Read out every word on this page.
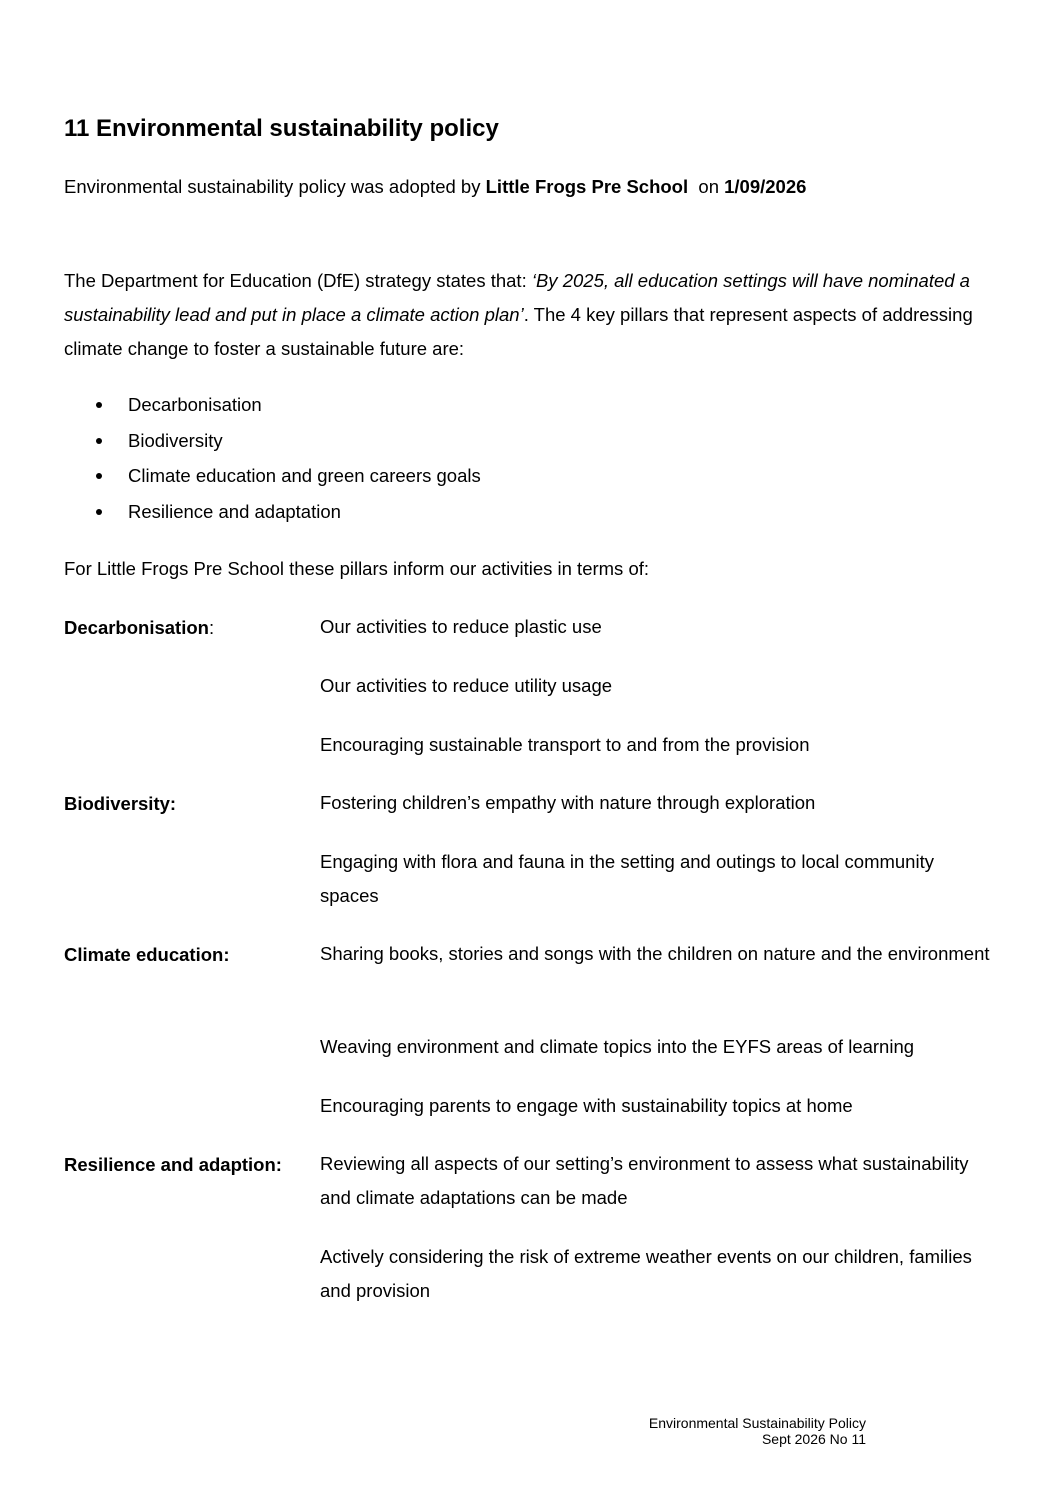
11 Environmental sustainability policy
Environmental sustainability policy was adopted by Little Frogs Pre School  on 1/09/2026

The Department for Education (DfE) strategy states that: ‘By 2025, all education settings will have nominated a sustainability lead and put in place a climate action plan’. The 4 key pillars that represent aspects of addressing climate change to foster a sustainable future are:

Decarbonisation
Biodiversity
Climate education and green careers goals
Resilience and adaptation
For Little Frogs Pre School these pillars inform our activities in terms of:
Decarbonisation:	Our activities to reduce plastic use
Our activities to reduce utility usage
Encouraging sustainable transport to and from the provision
Biodiversity:	Fostering children’s empathy with nature through exploration
Engaging with flora and fauna in the setting and outings to local community spaces
Climate education:	Sharing books, stories and songs with the children on nature and the environment
Weaving environment and climate topics into the EYFS areas of learning
Encouraging parents to engage with sustainability topics at home
Resilience and adaption: Reviewing all aspects of our setting’s environment to assess what sustainability and climate adaptations can be made
Actively considering the risk of extreme weather events on our children, families and provision
Environmental Sustainability Policy
Sept 2026 No 11
